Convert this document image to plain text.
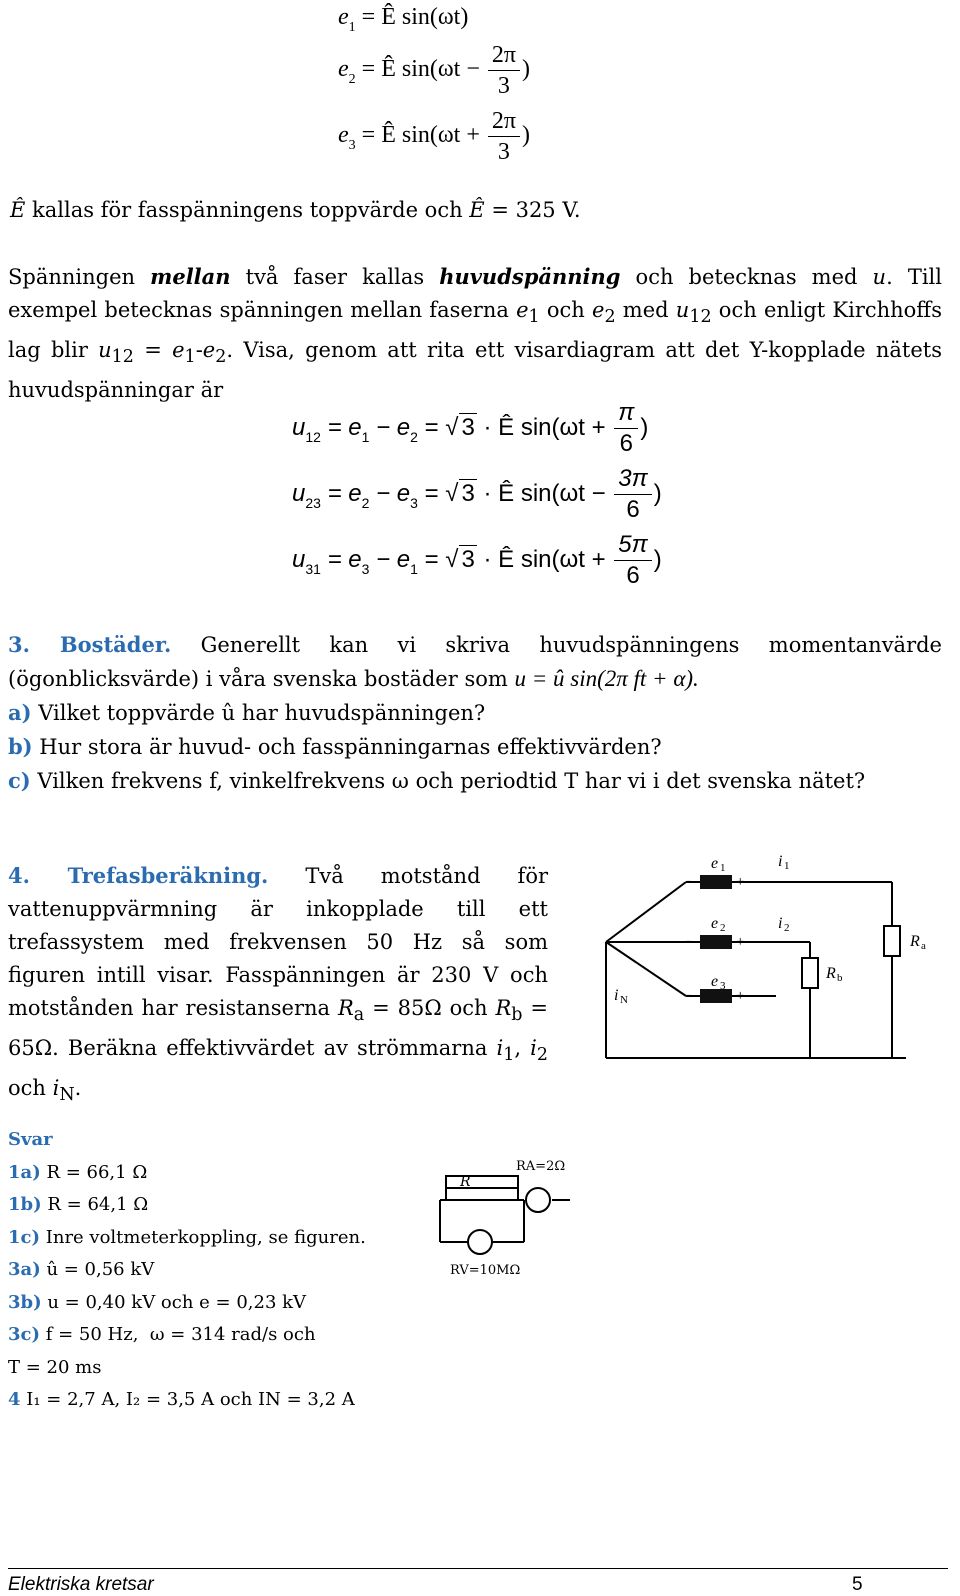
$e_1$ = Ê sin(ωt)
$e_2$ = Ê $\sin(\omega t - \frac{2\pi}{3}$ )
$e_3$ = Ê $\sin(\omega t + \frac{2\pi}{3}$ )
Ê kallas för fasspänningens toppvärde och Ê = 325 V.

Spänningen mellan två faser kallas huvudspänning och betecknas med u. Till exempel betecknas spänningen mellan faserna $e_1$ och $e_2$ med $u_{12}$ och enligt Kirchhoffs lag blir $u_{12} = e_1-e_2$. Visa, genom att rita ett visardiagram att det Y-kopplade nätets huvudspänningar är

$u_{12} = e_1 - e_2$ = √ 3 · Ê $\sin(\omega t + \frac{\pi}{6}$ )
$u_{23} = e_2 - e_3$ = √ 3 · Ê $\sin(\omega t - \frac{3\pi}{6}$ )
$u_{31} = e_3 - e_1$ = √ 3 · Ê $\sin(\omega t + \frac{5\pi}{6}$ )

3. Bostäder. Generellt kan vi skriva huvudspänningens momentanvärde (ögonblicksvärde) i våra svenska bostäder som u = û sin(2π ft + α).

a) Vilket toppvärde û har huvudspänningen?

b) Hur stora är huvud- och fasspänningarnas effektivvärden?

c) Vilken frekvens f, vinkelfrekvens ω och periodtid T har vi i det svenska nätet?

4. Trefasberäkning. Två motstånd för vattenuppvärmning är inkopplade till ett trefassystem med frekvensen 50 Hz så som figuren intill visar. Fasspänningen är 230 V och motstånden har resistanserna $R_a = 85\Omega$ och $R_b = 65\Omega$. Beräkna effektivvärdet av strömmarna $i_1$, $i_2$ och $i_N$.

-	+
-	+
-	+
e
e
e
i
i
i
R
R
1
2
3
1
2
N
a
b
Svar
1a) R = 66,1 Ω
1b) R = 64,1 Ω
1c) Inre voltmeterkoppling, se figuren.
3a) û = 0,56 kV
3b) u = 0,40 kV och e = 0,23 kV
3c) f = 50 Hz,  ω = 314 rad/s och
T = 20 ms
4 I₁ = 2,7 A, I₂ = 3,5 A och IN = 3,2 A
R
RA=2Ω
RV=10MΩ
Elektriska kretsar	5
